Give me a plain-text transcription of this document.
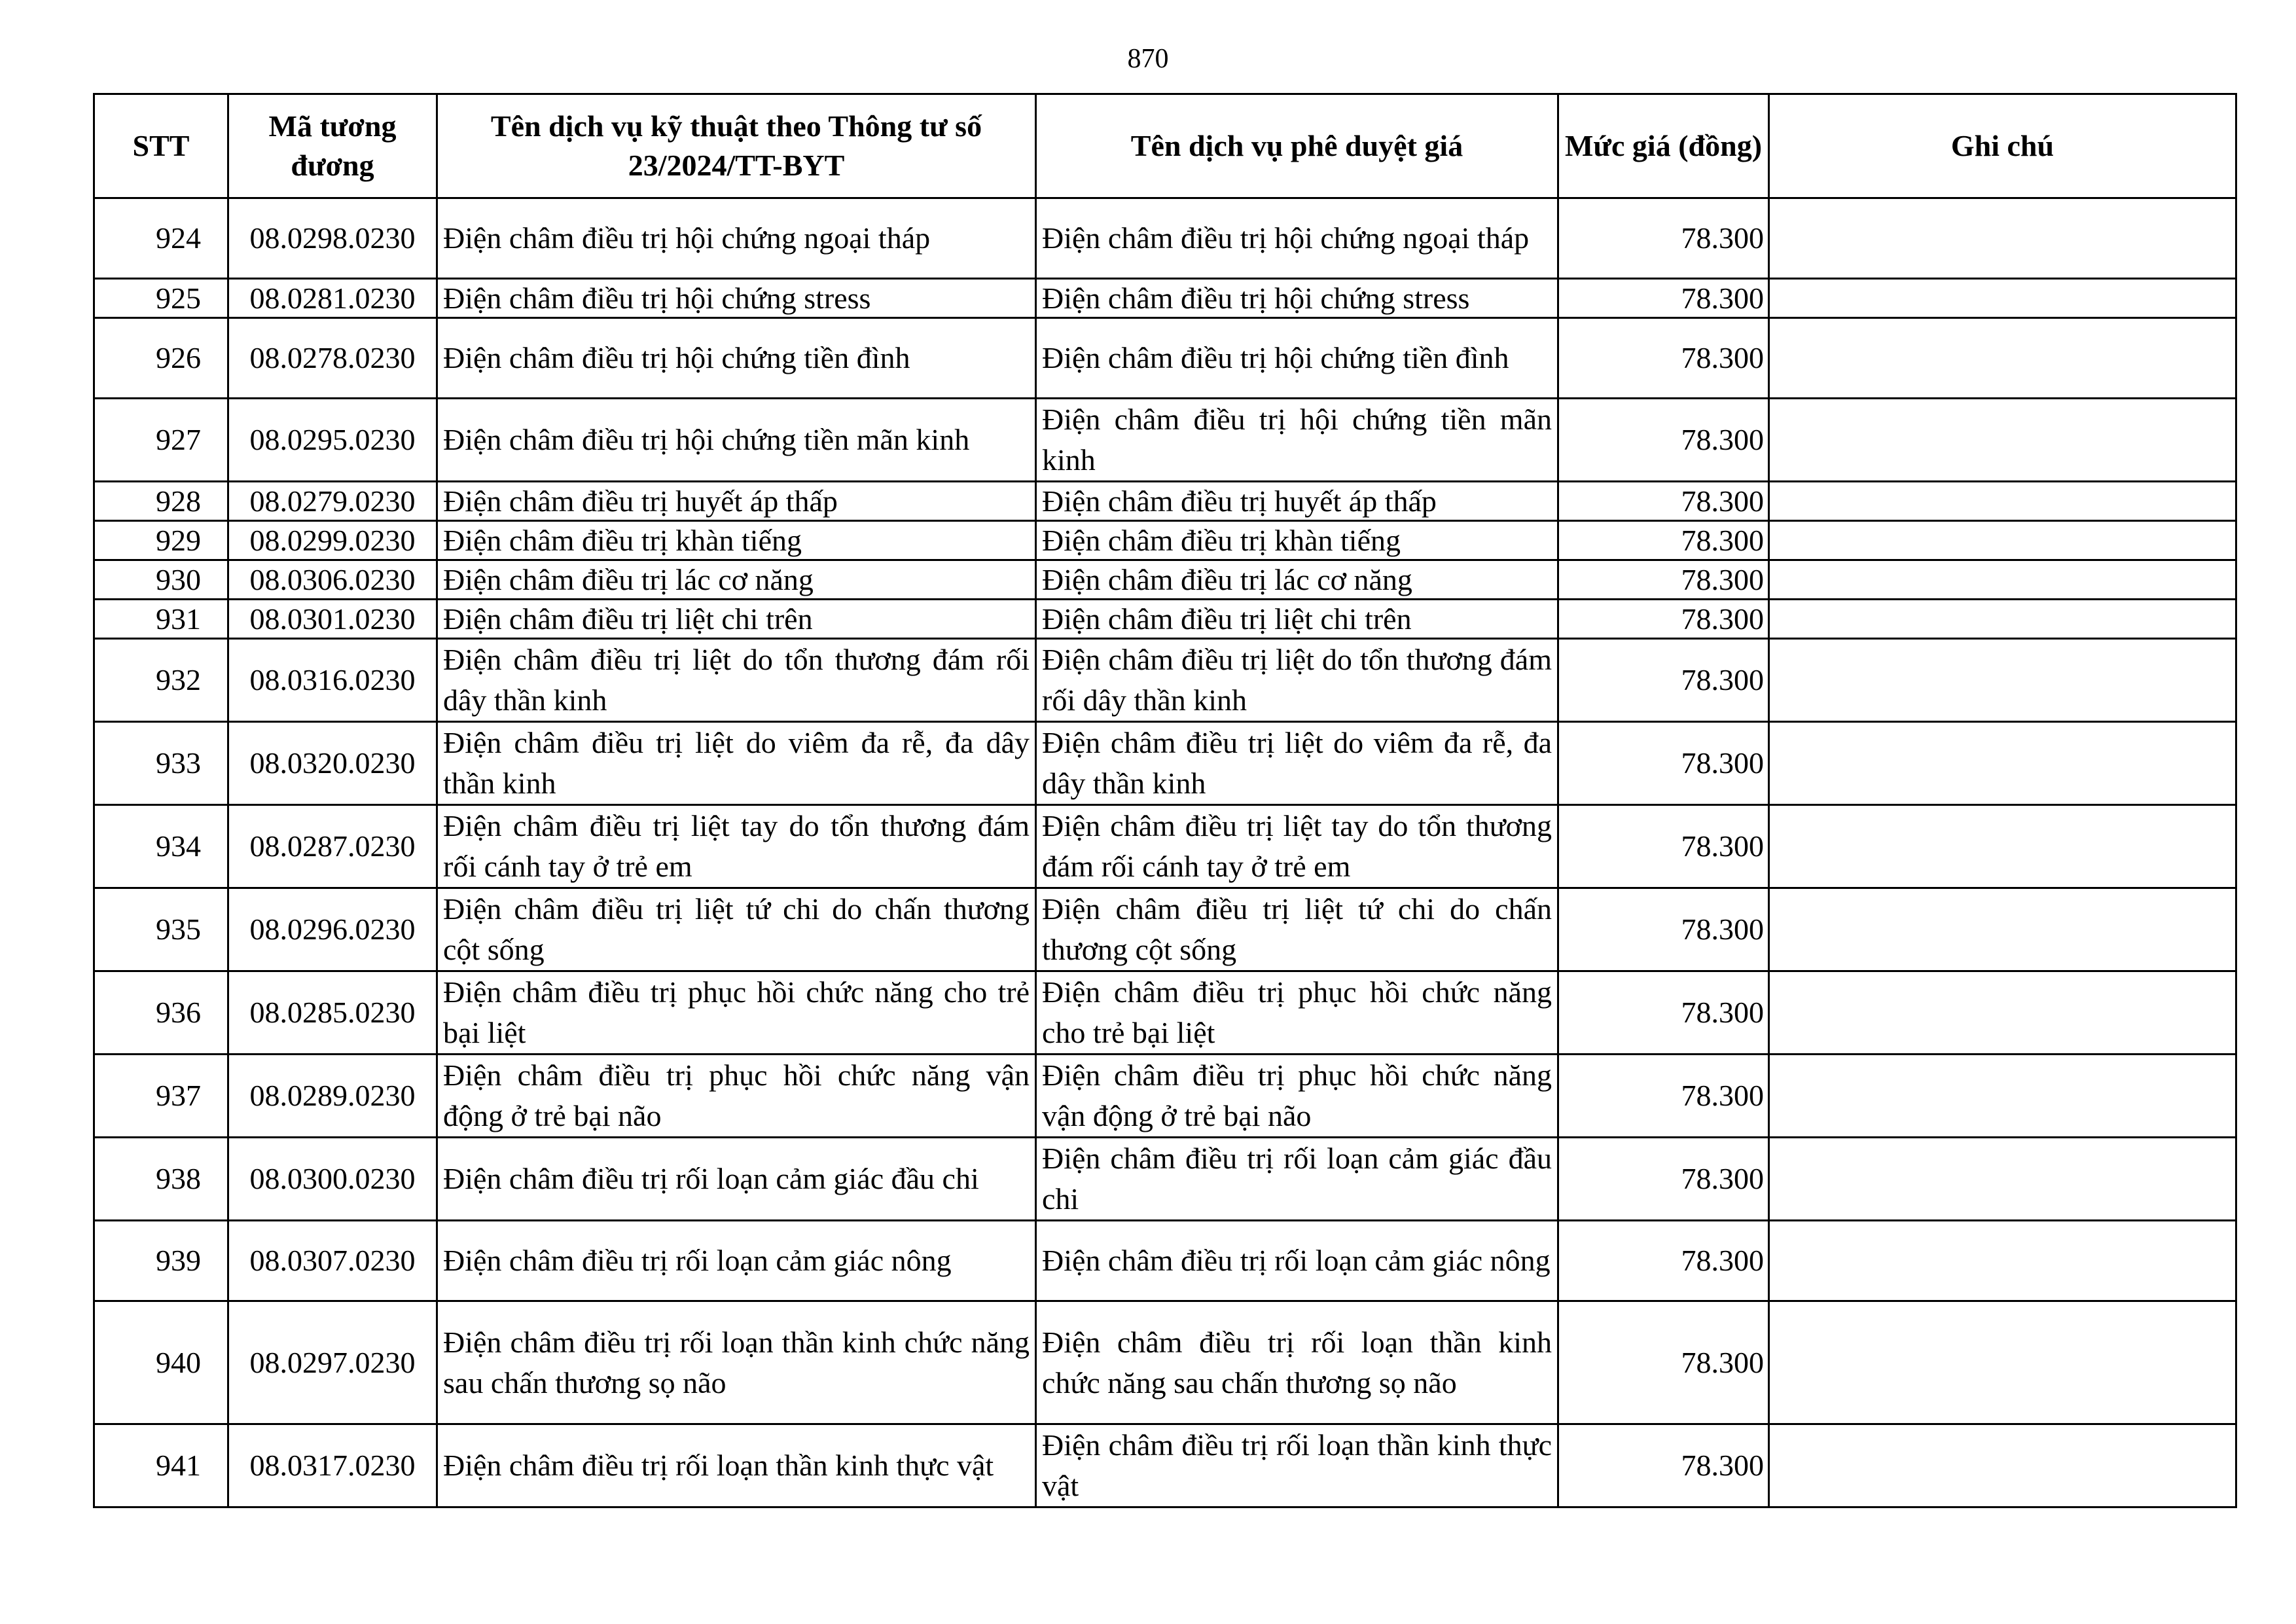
870
STT	Mã tương đương	Tên dịch vụ kỹ thuật theo Thông tư số 23/2024/TT-BYT	Tên dịch vụ phê duyệt giá	Mức giá (đồng)	Ghi chú
924	08.0298.0230	Điện châm điều trị hội chứng ngoại tháp	Điện châm điều trị hội chứng ngoại tháp	78.300	
925	08.0281.0230	Điện châm điều trị hội chứng stress	Điện châm điều trị hội chứng stress	78.300	
926	08.0278.0230	Điện châm điều trị hội chứng tiền đình	Điện châm điều trị hội chứng tiền đình	78.300	
927	08.0295.0230	Điện châm điều trị hội chứng tiền mãn kinh	Điện châm điều trị hội chứng tiền mãn kinh	78.300	
928	08.0279.0230	Điện châm điều trị huyết áp thấp	Điện châm điều trị huyết áp thấp	78.300	
929	08.0299.0230	Điện châm điều trị khàn tiếng	Điện châm điều trị khàn tiếng	78.300	
930	08.0306.0230	Điện châm điều trị lác cơ năng	Điện châm điều trị lác cơ năng	78.300	
931	08.0301.0230	Điện châm điều trị liệt chi trên	Điện châm điều trị liệt chi trên	78.300	
932	08.0316.0230	Điện châm điều trị liệt do tổn thương đám rối dây thần kinh	Điện châm điều trị liệt do tổn thương đám rối dây thần kinh	78.300	
933	08.0320.0230	Điện châm điều trị liệt do viêm đa rễ, đa dây thần kinh	Điện châm điều trị liệt do viêm đa rễ, đa dây thần kinh	78.300	
934	08.0287.0230	Điện châm điều trị liệt tay do tổn thương đám rối cánh tay ở trẻ em	Điện châm điều trị liệt tay do tổn thương đám rối cánh tay ở trẻ em	78.300	
935	08.0296.0230	Điện châm điều trị liệt tứ chi do chấn thương cột sống	Điện châm điều trị liệt tứ chi do chấn thương cột sống	78.300	
936	08.0285.0230	Điện châm điều trị phục hồi chức năng cho trẻ bại liệt	Điện châm điều trị phục hồi chức năng cho trẻ bại liệt	78.300	
937	08.0289.0230	Điện châm điều trị phục hồi chức năng vận động ở trẻ bại não	Điện châm điều trị phục hồi chức năng vận động ở trẻ bại não	78.300	
938	08.0300.0230	Điện châm điều trị rối loạn cảm giác đầu chi	Điện châm điều trị rối loạn cảm giác đầu chi	78.300	
939	08.0307.0230	Điện châm điều trị rối loạn cảm giác nông	Điện châm điều trị rối loạn cảm giác nông	78.300	
940	08.0297.0230	Điện châm điều trị rối loạn thần kinh chức năng sau chấn thương sọ não	Điện châm điều trị rối loạn thần kinh chức năng sau chấn thương sọ não	78.300	
941	08.0317.0230	Điện châm điều trị rối loạn thần kinh thực vật	Điện châm điều trị rối loạn thần kinh thực vật	78.300	
